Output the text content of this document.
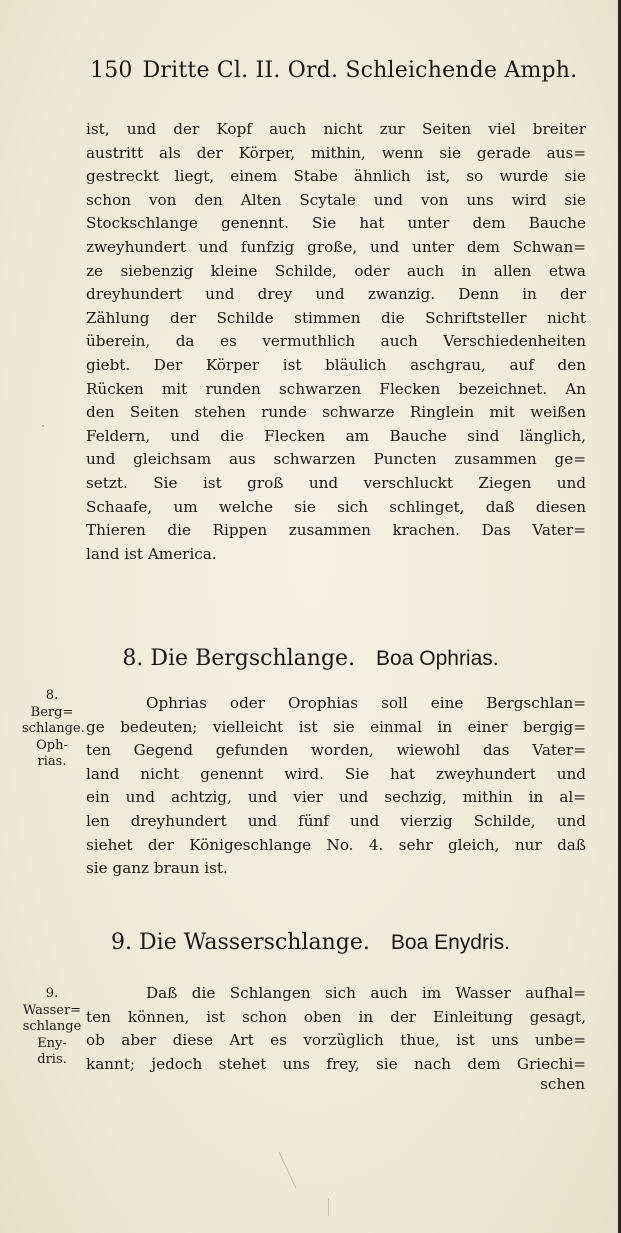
150 Dritte Cl. II. Ord. Schleichende Amph.
ist, und der Kopf auch nicht zur Seiten viel breiter
austritt als der Körper, mithin, wenn sie gerade aus=
gestreckt liegt, einem Stabe ähnlich ist, so wurde sie
schon von den Alten Scytale und von uns wird sie
Stockschlange genennt. Sie hat unter dem Bauche
zweyhundert und funfzig große, und unter dem Schwan=
ze siebenzig kleine Schilde, oder auch in allen etwa
dreyhundert und drey und zwanzig. Denn in der
Zählung der Schilde stimmen die Schriftsteller nicht
überein, da es vermuthlich auch Verschiedenheiten
giebt. Der Körper ist bläulich aschgrau, auf den
Rücken mit runden schwarzen Flecken bezeichnet. An
den Seiten stehen runde schwarze Ringlein mit weißen
Feldern, und die Flecken am Bauche sind länglich,
und gleichsam aus schwarzen Puncten zusammen ge=
setzt. Sie ist groß und verschluckt Ziegen und
Schaafe, um welche sie sich schlinget, daß diesen
Thieren die Rippen zusammen krachen. Das Vater=
land ist America.
8. Die Bergschlange. Boa Ophrias.
8.
Berg=
schlange.
Oph-
rias.
Ophrias oder Orophias soll eine Bergschlan=
ge bedeuten; vielleicht ist sie einmal in einer bergig=
ten Gegend gefunden worden, wiewohl das Vater=
land nicht genennt wird. Sie hat zweyhundert und
ein und achtzig, und vier und sechzig, mithin in al=
len dreyhundert und fünf und vierzig Schilde, und
siehet der Königeschlange No. 4. sehr gleich, nur daß
sie ganz braun ist.
9. Die Wasserschlange. Boa Enydris.
9.
Wasser=
schlange
Eny-
dris.
Daß die Schlangen sich auch im Wasser aufhal=
ten können, ist schon oben in der Einleitung gesagt,
ob aber diese Art es vorzüglich thue, ist uns unbe=
kannt; jedoch stehet uns frey, sie nach dem Griechi=
schen
